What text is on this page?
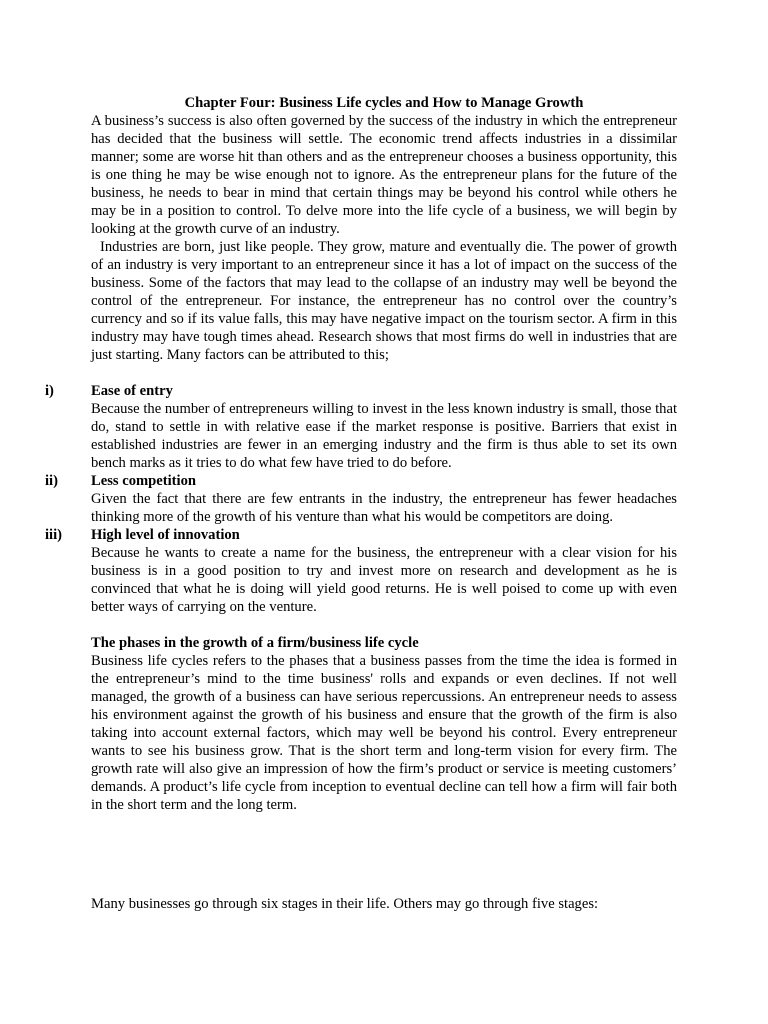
Chapter Four: Business Life cycles and How to Manage Growth

A business’s success is also often governed by the success of the industry in which the entrepreneur has decided that the business will settle. The economic trend affects industries in a dissimilar manner; some are worse hit than others and as the entrepreneur chooses a business opportunity, this is one thing he may be wise enough not to ignore. As the entrepreneur plans for the future of the business, he needs to bear in mind that certain things may be beyond his control while others he may be in a position to control. To delve more into the life cycle of a business, we will begin by looking at the growth curve of an industry.

Industries are born, just like people. They grow, mature and eventually die. The power of growth of an industry is very important to an entrepreneur since it has a lot of impact on the success of the business. Some of the factors that may lead to the collapse of an industry may well be beyond the control of the entrepreneur. For instance, the entrepreneur has no control over the country’s currency and so if its value falls, this may have negative impact on the tourism sector. A firm in this industry may have tough times ahead. Research shows that most firms do well in industries that are just starting. Many factors can be attributed to this;

i)	Ease of entry

Because the number of entrepreneurs willing to invest in the less known industry is small, those that do, stand to settle in with relative ease if the market response is positive. Barriers that exist in established industries are fewer in an emerging industry and the firm is thus able to set its own bench marks as it tries to do what few have tried to do before.

ii) Less competition

Given the fact that there are few entrants in the industry, the entrepreneur has fewer headaches thinking more of the growth of his venture than what his would be competitors are doing.

iii) High level of innovation

Because he wants to create a name for the business, the entrepreneur with a clear vision for his business is in a good position to try and invest more on research and development as he is convinced that what he is doing will yield good returns. He is well poised to come up with even better ways of carrying on the venture.

The phases in the growth of a firm/business life cycle

Business life cycles refers to the phases that a business passes from the time the idea is formed in the entrepreneur’s mind to the time business' rolls and expands or even declines. If not well managed, the growth of a business can have serious repercussions. An entrepreneur needs to assess his environment against the growth of his business and ensure that the growth of the firm is also taking into account external factors, which may well be beyond his control. Every entrepreneur wants to see his business grow. That is the short term and long-term vision for every firm. The growth rate will also give an impression of how the firm’s product or service is meeting customers’ demands. A product’s life cycle from inception to eventual decline can tell how a firm will fair both in the short term and the long term.

Many businesses go through six stages in their life. Others may go through five stages:
